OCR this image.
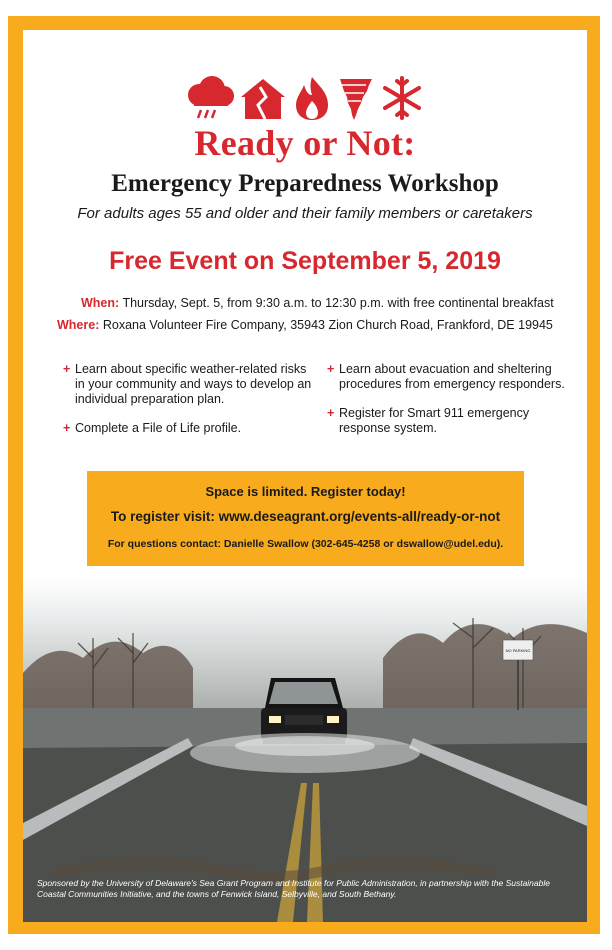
Ready or Not:
Emergency Preparedness Workshop
For adults ages 55 and older and their family members or caretakers
Free Event on September 5, 2019
When: Thursday, Sept. 5, from 9:30 a.m. to 12:30 p.m. with free continental breakfast
Where: Roxana Volunteer Fire Company, 35943 Zion Church Road, Frankford, DE 19945
+ Learn about specific weather-related risks in your community and ways to develop an individual preparation plan.
+ Complete a File of Life profile.
+ Learn about evacuation and sheltering procedures from emergency responders.
+ Register for Smart 911 emergency response system.
Space is limited. Register today!
To register visit: www.deseagrant.org/events-all/ready-or-not
For questions contact: Danielle Swallow (302-645-4258 or dswallow@udel.edu).
NO PARKING
Sponsored by the University of Delaware's Sea Grant Program and Institute for Public Administration, in partnership with the Sustainable Coastal Communities Initiative, and the towns of Fenwick Island, Selbyville, and South Bethany.
